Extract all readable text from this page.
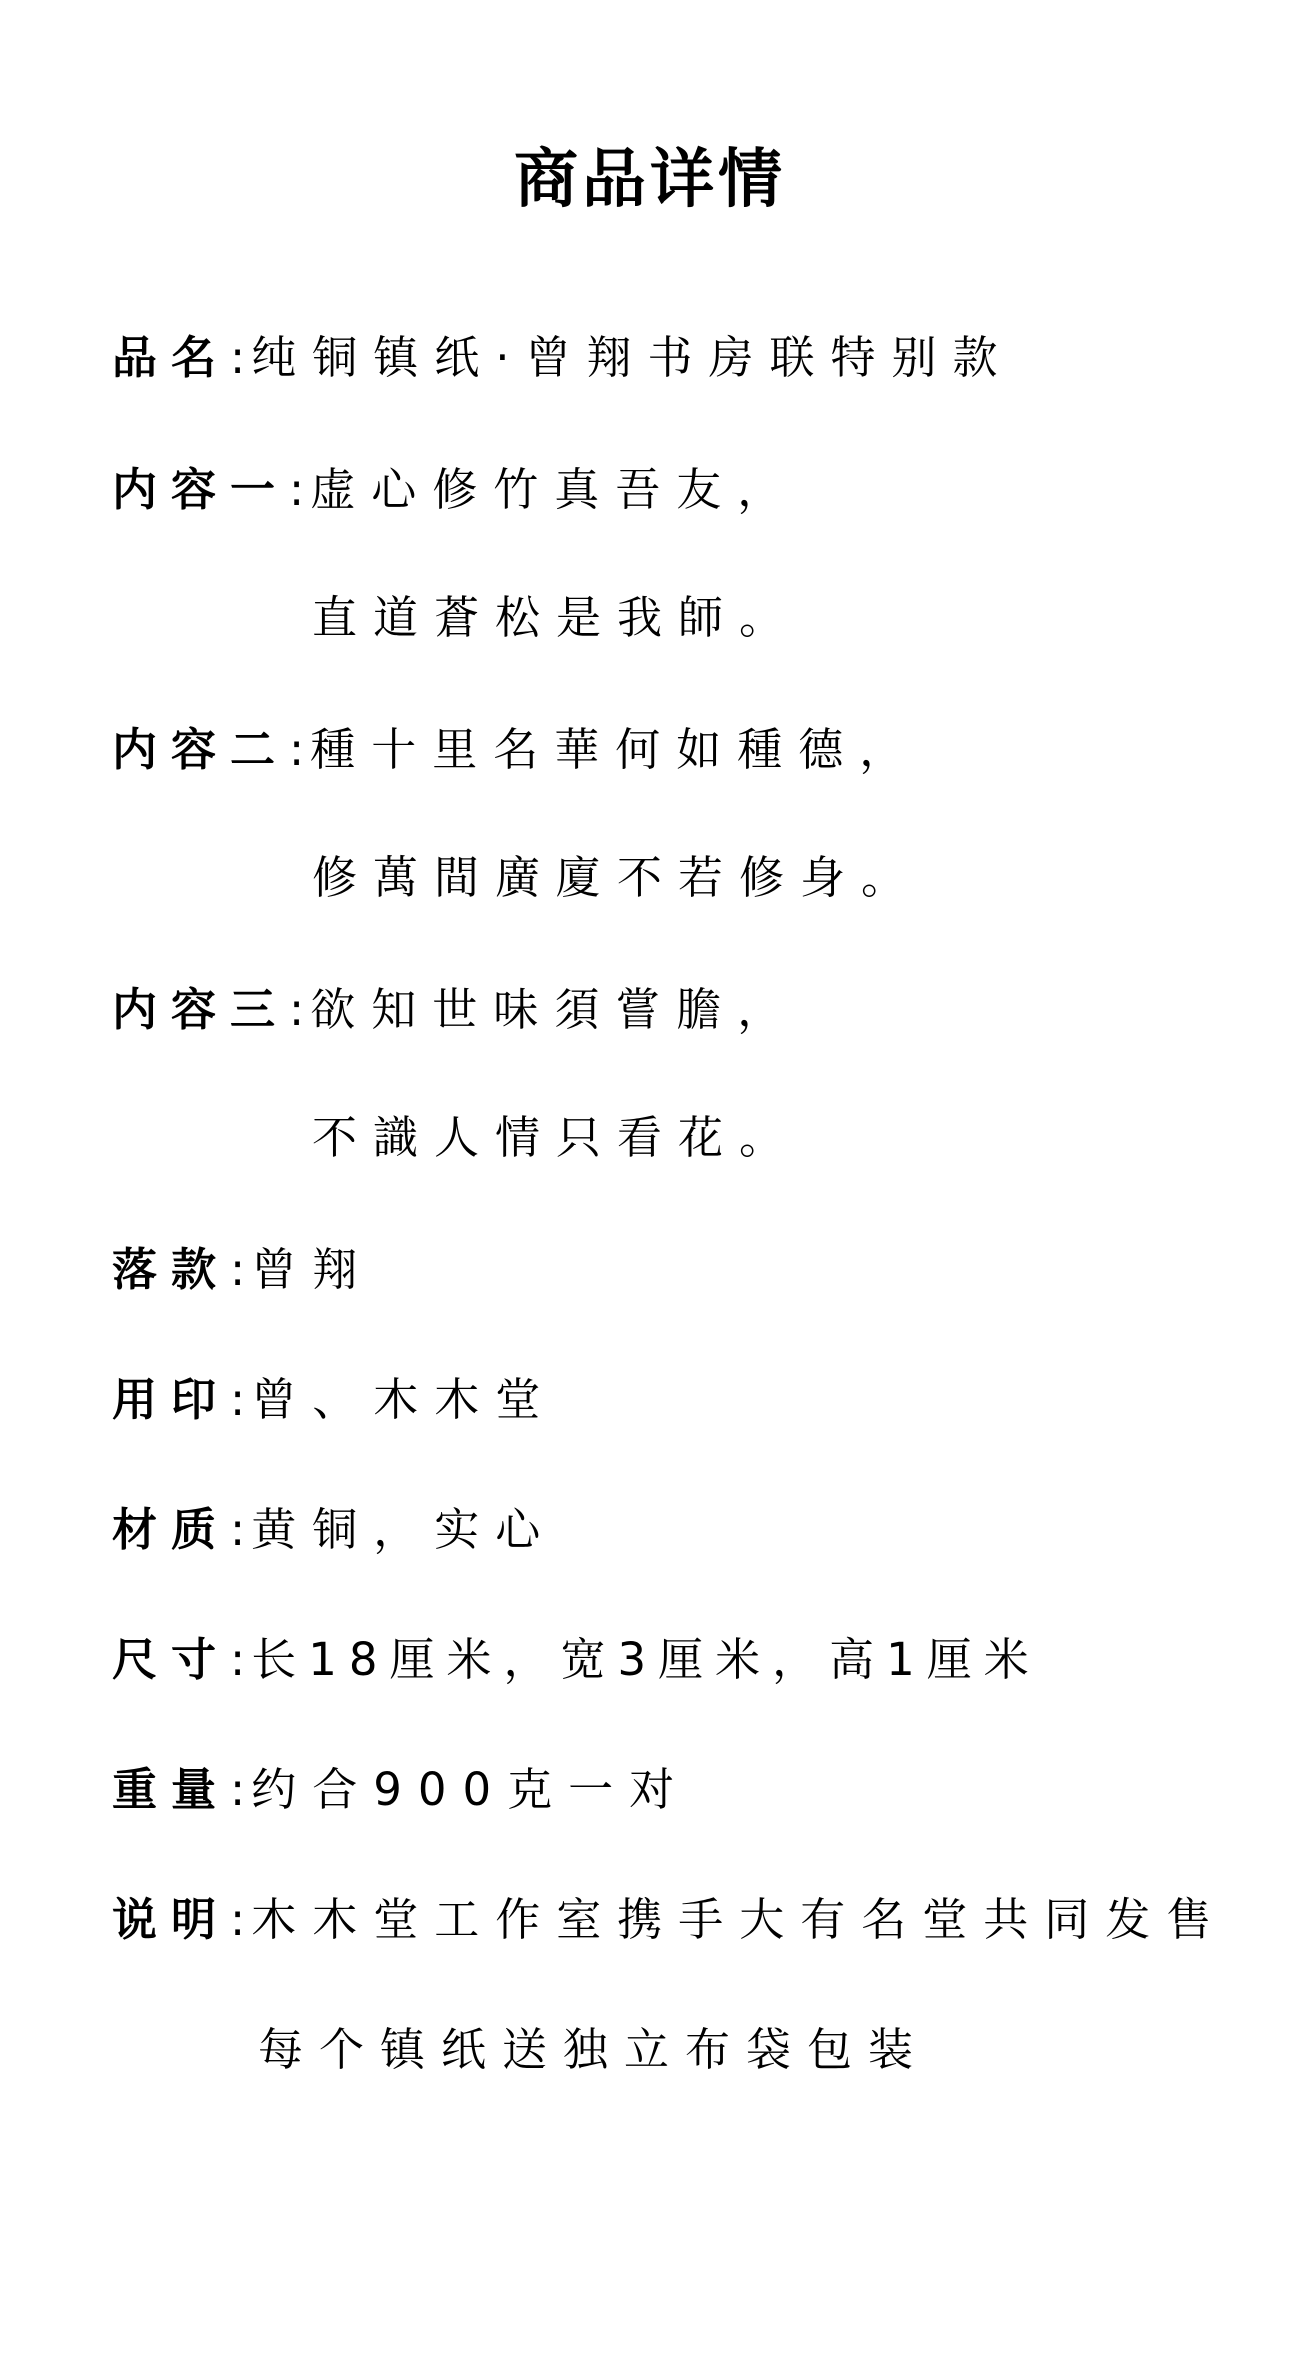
商品详情
品名: 纯铜镇纸·曾翔书房联特别款
内容一: 虚心修竹真吾友，
直道蒼松是我師。
内容二: 種十里名華何如種德，
修萬間廣廈不若修身。
内容三: 欲知世味須嘗膽，
不識人情只看花。
落款: 曾翔
用印: 曾、木木堂
材质: 黄铜，实心
尺寸: 长18厘米，宽3厘米，高1厘米
重量: 约合900克一对
说明: 木木堂工作室携手大有名堂共同发售
每个镇纸送独立布袋包装
